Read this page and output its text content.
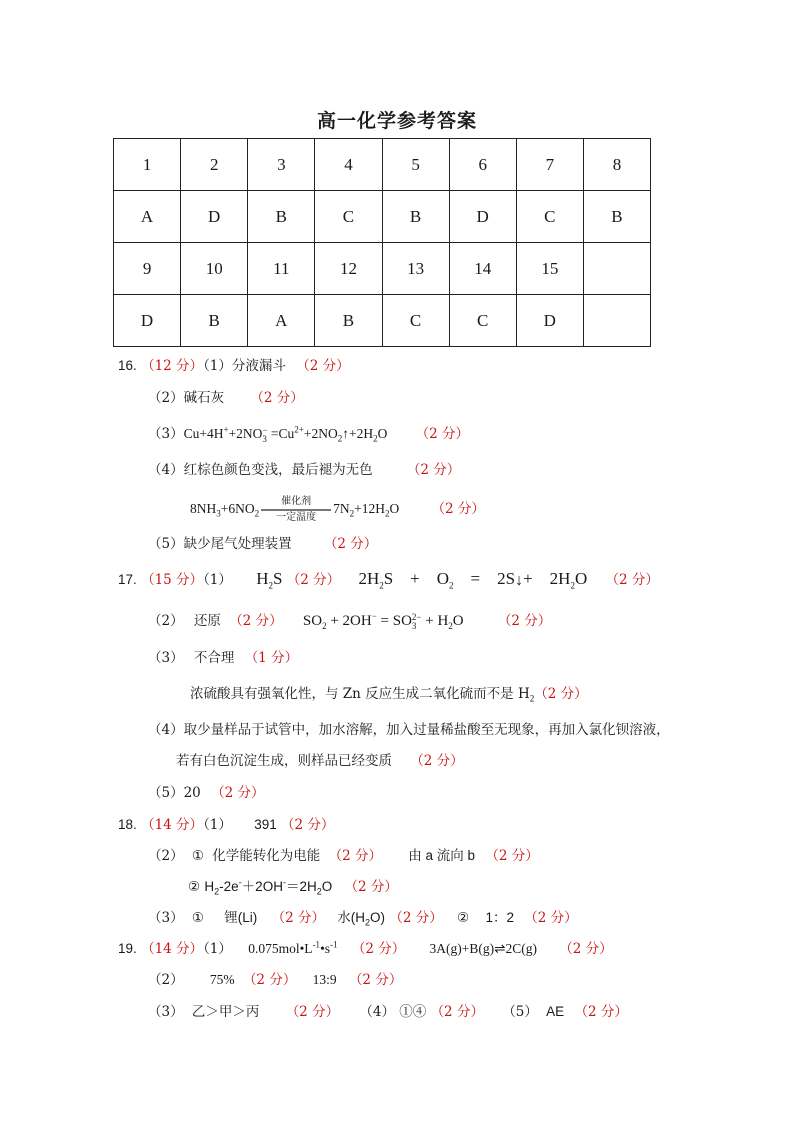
高一化学参考答案
1	2	3	4	5	6	7	8
A	D	B	C	B	D	C	B
9	10	11	12	13	14	15	
D	B	A	B	C	C	D	
16. （12 分）（1）分液漏斗 （2 分）
（2）碱石灰 （2 分）
（3）Cu+4H++2NO −
$3 =Cu^{2+}+2NO_2↑+2H_2O$ （2 分）
（4）红棕色颜色变浅，最后褪为无色	（2 分）
$8NH_3+6NO_2$催化剂
一定温度$7N_2+12H_2O$ （2 分）
（5）缺少尾气处理装置 （2 分）
17. （15 分）（1） $H_2S$ （2 分） $2H_2S$　+　$O_2$　=　2S↓+　$2H_2O$ （2 分）
（2） 还原 （2 分） $SO_2 + 2OH^-$ = SO 2−
$3 + H_2O$	（2 分）
（3） 不合理 （1 分）
浓硫酸具有强氧化性，与 Zn 反应生成二氧化硫而不是 $H_2(2$ 分）
（4）取少量样品于试管中，加水溶解，加入过量稀盐酸至无现象，再加入氯化钡溶液，
若有白色沉淀生成，则样品已经变质 （2 分）
（5）20 （2 分）
18. （14 分）（1） 391 （2 分）
（2） ① 化学能转化为电能 （2 分） 由 a 流向 b （2 分）
② $H_2-2e^-+2OH^-=2H_2O$ （2 分）
（3） ① 锂(Li) （2 分） 水$(H_2O)$ （2 分） ② 1：2 （2 分）
19. （14 分）（1） $0.075mol•L^{-1}•s^{-1}$ （2 分） 3A(g)+B(g)⇌2C(g) （2 分）
（2） 75% （2 分） 13:9 （2 分）
（3） 乙＞甲＞丙 （2 分） （4） ①④ （2 分） （5） AE （2 分）
